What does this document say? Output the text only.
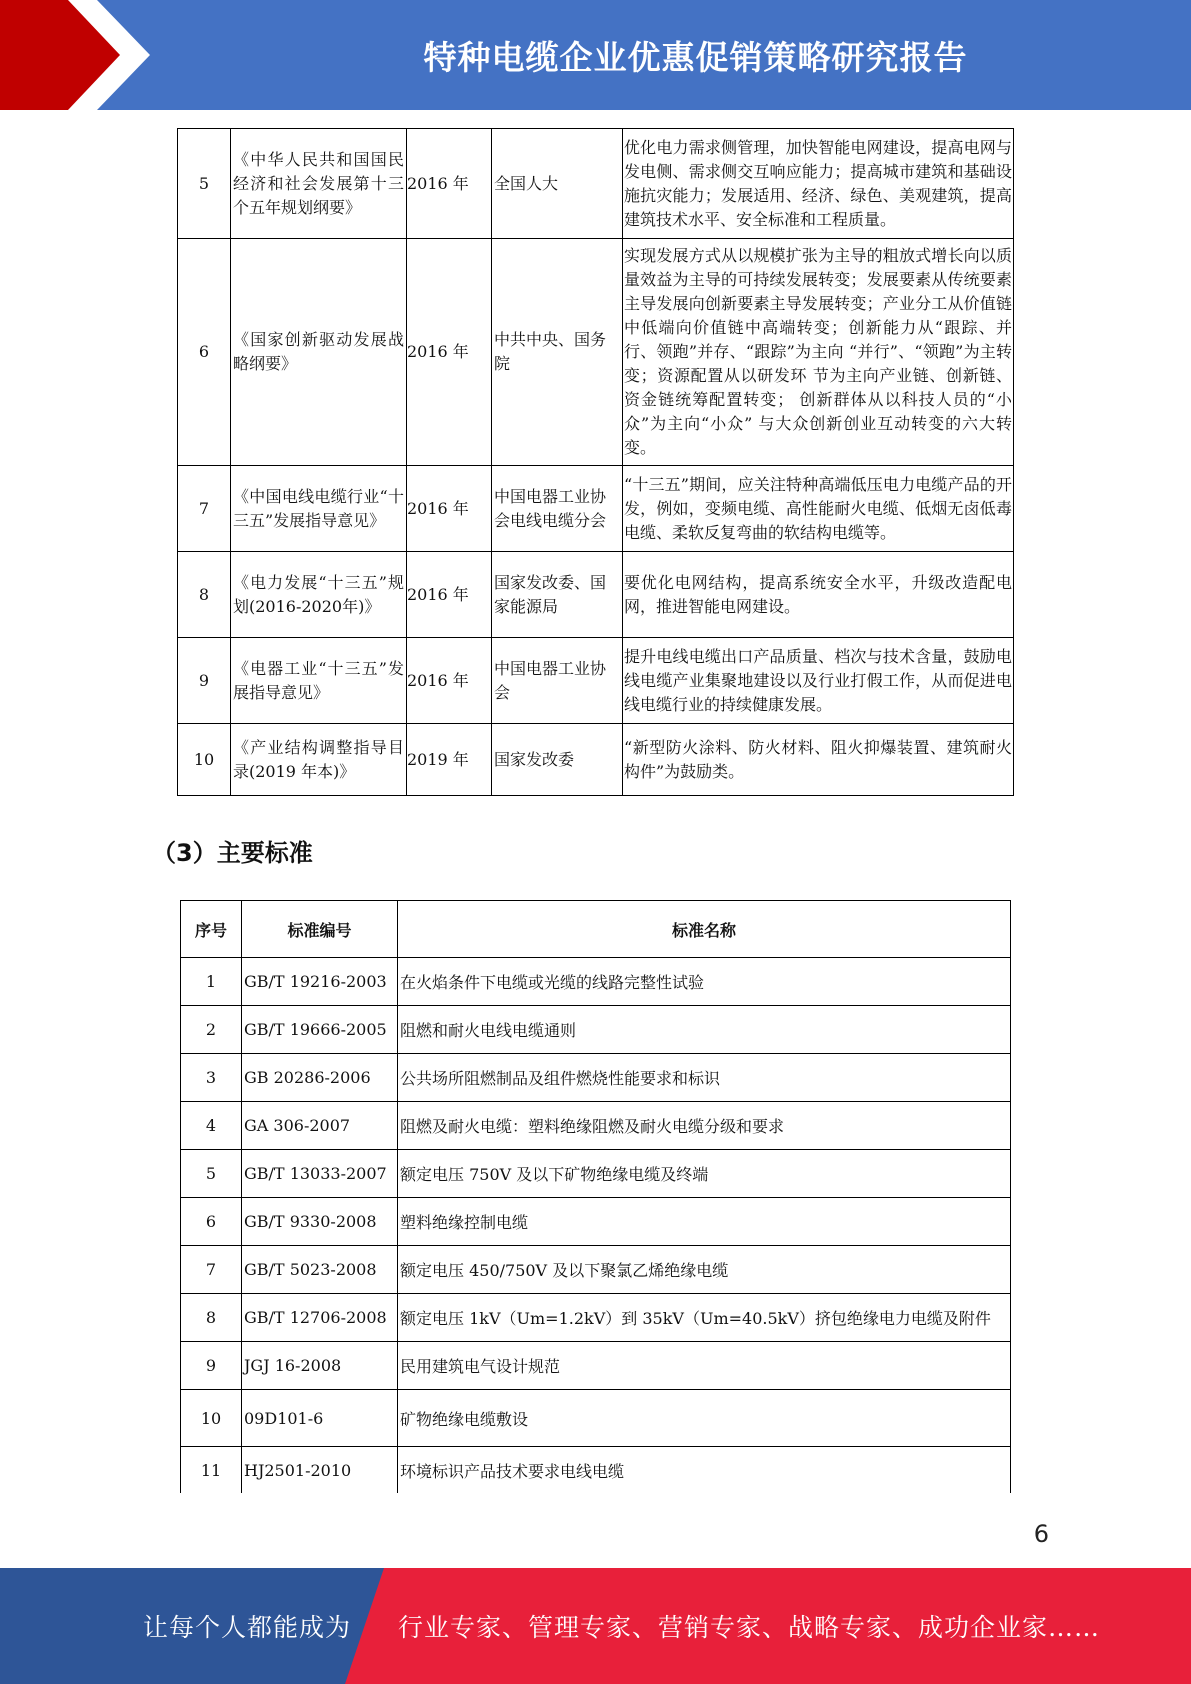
特种电缆企业优惠促销策略研究报告
5	《中华人民共和国国民经济和社会发展第十三个五年规划纲要》	2016 年	全国人大	优化电力需求侧管理，加快智能电网建设，提高电网与发电侧、需求侧交互响应能力；提高城市建筑和基础设施抗灾能力；发展适用、经济、绿色、美观建筑，提高建筑技术水平、安全标准和工程质量。
6	《国家创新驱动发展战略纲要》	2016 年	中共中央、国务院	实现发展方式从以规模扩张为主导的粗放式增长向以质量效益为主导的可持续发展转变；发展要素从传统要素主导发展向创新要素主导发展转变；产业分工从价值链中低端向价值链中高端转变；创新能力从“跟踪、并行、领跑”并存、“跟踪”为主向 “并行”、“领跑”为主转变；资源配置从以研发环 节为主向产业链、创新链、资金链统筹配置转变； 创新群体从以科技人员的“小众”为主向“小众” 与大众创新创业互动转变的六大转变。
7	《中国电线电缆行业“十三五”发展指导意见》	2016 年	中国电器工业协会电线电缆分会	“十三五”期间，应关注特种高端低压电力电缆产品的开发，例如，变频电缆、高性能耐火电缆、低烟无卤低毒电缆、柔软反复弯曲的软结构电缆等。
8	《电力发展“十三五”规划(2016-2020年)》	2016 年	国家发改委、国家能源局	要优化电网结构，提高系统安全水平，升级改造配电网，推进智能电网建设。
9	《电器工业“十三五”发展指导意见》	2016 年	中国电器工业协会	提升电线电缆出口产品质量、档次与技术含量，鼓励电线电缆产业集聚地建设以及行业打假工作，从而促进电线电缆行业的持续健康发展。
10	《产业结构调整指导目录(2019 年本)》	2019 年	国家发改委	“新型防火涂料、防火材料、阻火抑爆装置、建筑耐火构件”为鼓励类。
（3）主要标准
序号	标准编号	标准名称
1	GB/T 19216-2003	在火焰条件下电缆或光缆的线路完整性试验
2	GB/T 19666-2005	阻燃和耐火电线电缆通则
3	GB 20286-2006	公共场所阻燃制品及组件燃烧性能要求和标识
4	GA 306-2007	阻燃及耐火电缆：塑料绝缘阻燃及耐火电缆分级和要求
5	GB/T 13033-2007	额定电压 750V 及以下矿物绝缘电缆及终端
6	GB/T 9330-2008	塑料绝缘控制电缆
7	GB/T 5023-2008	额定电压 450/750V 及以下聚氯乙烯绝缘电缆
8	GB/T 12706-2008	额定电压 1kV（Um=1.2kV）到 35kV（Um=40.5kV）挤包绝缘电力电缆及附件
9	JGJ 16-2008	民用建筑电气设计规范
10	09D101-6	矿物绝缘电缆敷设
11	HJ2501-2010	环境标识产品技术要求电线电缆
6
让每个人都能成为 行业专家、管理专家、营销专家、战略专家、成功企业家……
